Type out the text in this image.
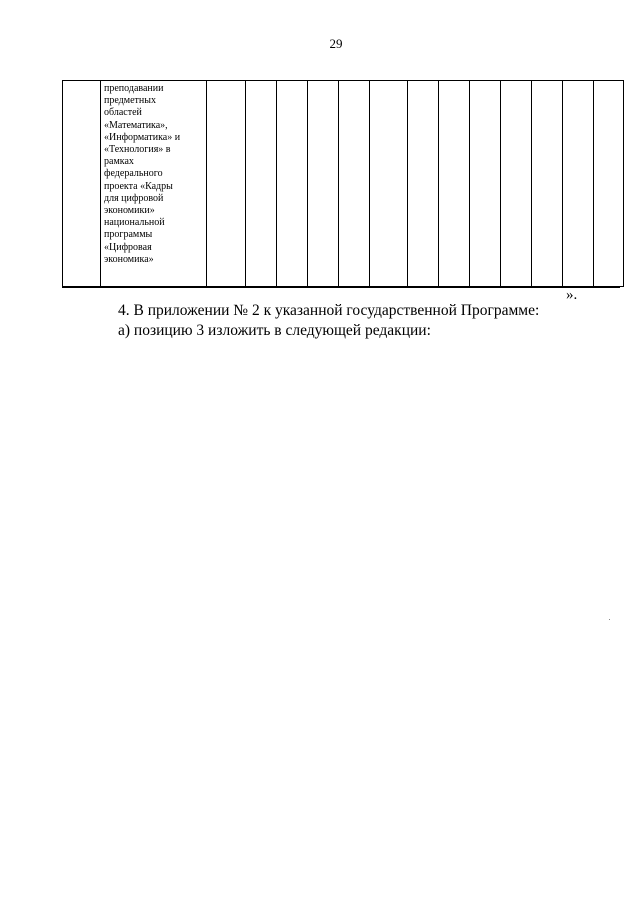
29

преподавании
предметных
областей
«Математика»,
«Информатика» и
«Технология» в
рамках
федерального
проекта «Кадры
для цифровой
экономики»
национальной
программы
«Цифровая
экономика»

».
4. В приложении № 2 к указанной государственной Программе:
а) позицию 3 изложить в следующей редакции:
